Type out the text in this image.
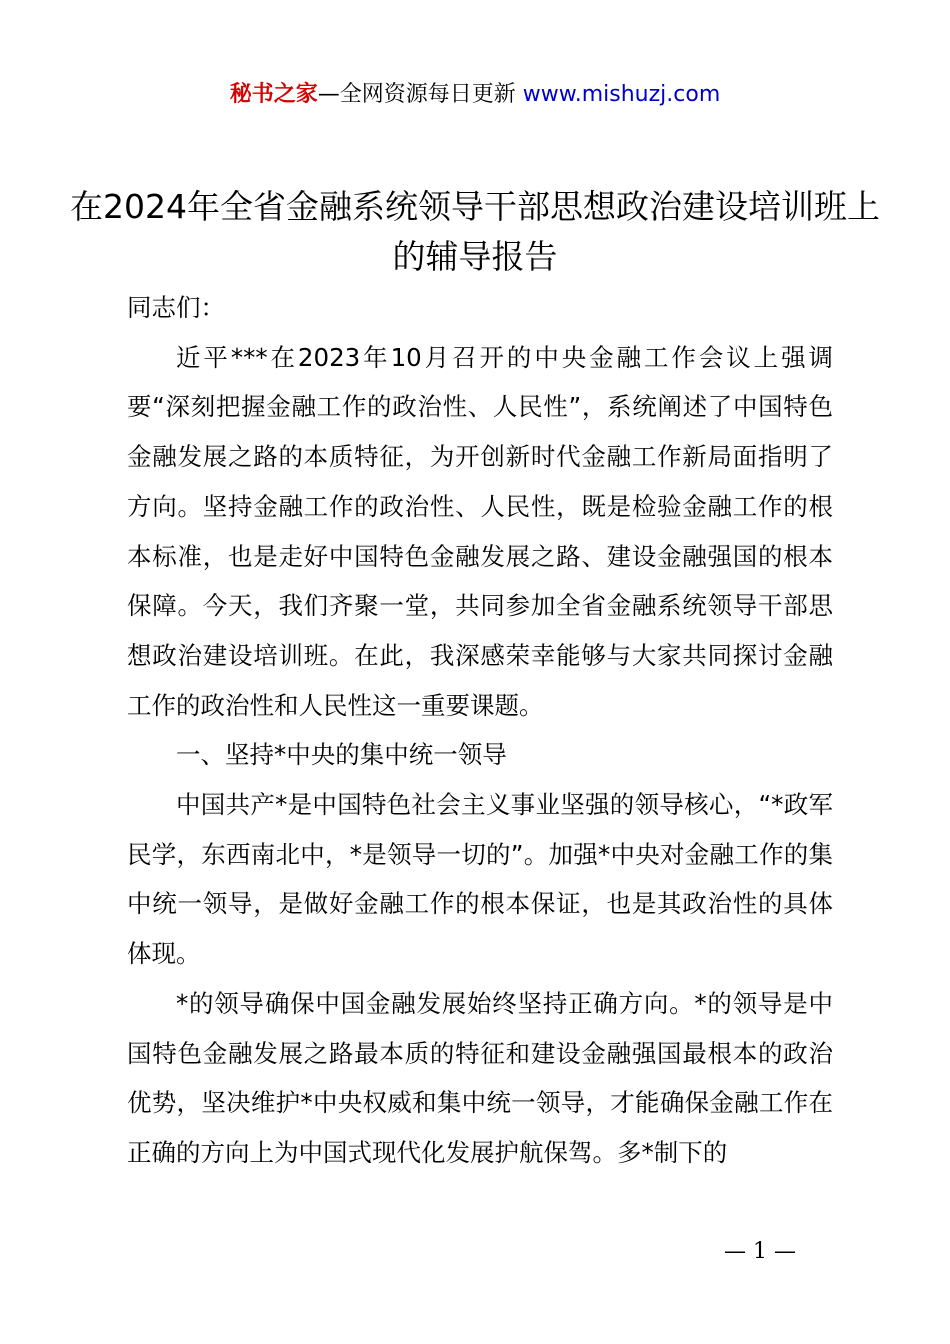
秘书之家—全网资源每日更新 www.mishuzj.com
在2024年全省金融系统领导干部思想政治建设培训班上的辅导报告

同志们：

近平***在2023年10月召开的中央金融工作会议上强调要“深刻把握金融工作的政治性、人民性”，系统阐述了中国特色金融发展之路的本质特征，为开创新时代金融工作新局面指明了方向。坚持金融工作的政治性、人民性，既是检验金融工作的根本标准，也是走好中国特色金融发展之路、建设金融强国的根本保障。今天，我们齐聚一堂，共同参加全省金融系统领导干部思想政治建设培训班。在此，我深感荣幸能够与大家共同探讨金融工作的政治性和人民性这一重要课题。

一、坚持*中央的集中统一领导

中国共产*是中国特色社会主义事业坚强的领导核心，“*政军民学，东西南北中，*是领导一切的”。加强*中央对金融工作的集中统一领导，是做好金融工作的根本保证，也是其政治性的具体体现。

*的领导确保中国金融发展始终坚持正确方向。*的领导是中国特色金融发展之路最本质的特征和建设金融强国最根本的政治优势，坚决维护*中央权威和集中统一领导，才能确保金融工作在正确的方向上为中国式现代化发展护航保驾。多*制下的

— 1 —
